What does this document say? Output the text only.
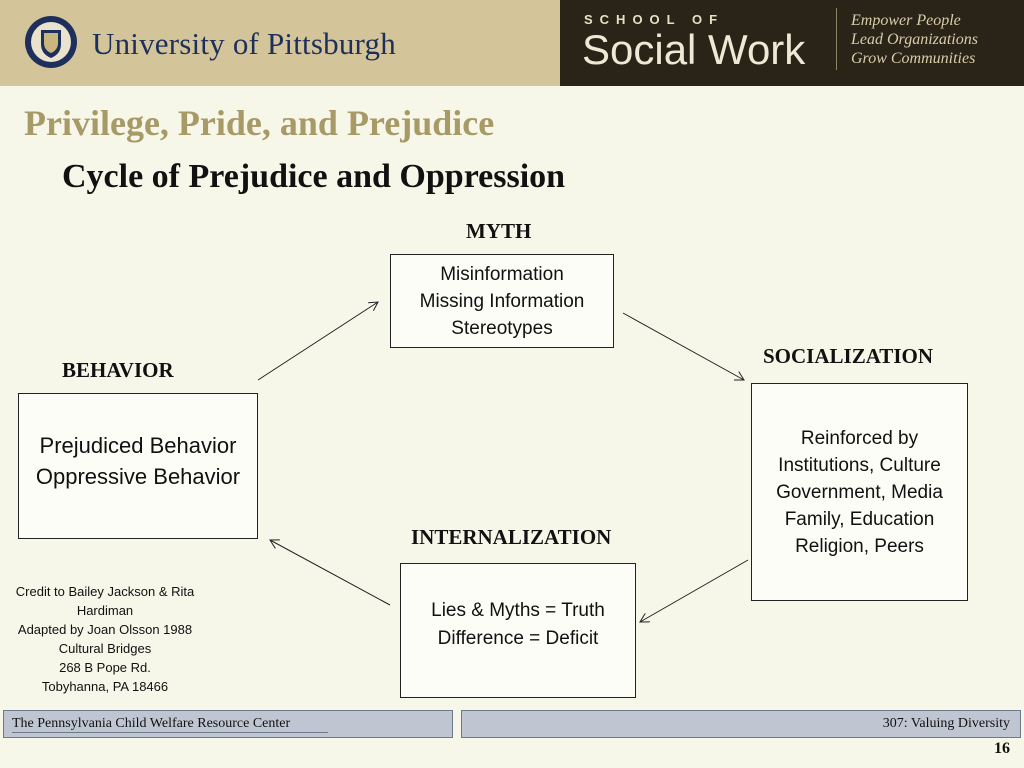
University of Pittsburgh
SCHOOL OF
Social Work
Empower People
Lead Organizations
Grow Communities
Privilege, Pride, and Prejudice
Cycle of Prejudice and Oppression
MYTH
Misinformation
Missing Information
Stereotypes
SOCIALIZATION
Reinforced by
Institutions, Culture
Government, Media
Family, Education
Religion, Peers
BEHAVIOR
Prejudiced Behavior
Oppressive Behavior
INTERNALIZATION
Lies & Myths = Truth
Difference = Deficit
Credit to Bailey Jackson & Rita
Hardiman
Adapted by Joan Olsson 1988
Cultural Bridges
268 B Pope Rd.
Tobyhanna, PA 18466
The Pennsylvania Child Welfare Resource Center	307: Valuing Diversity
16
